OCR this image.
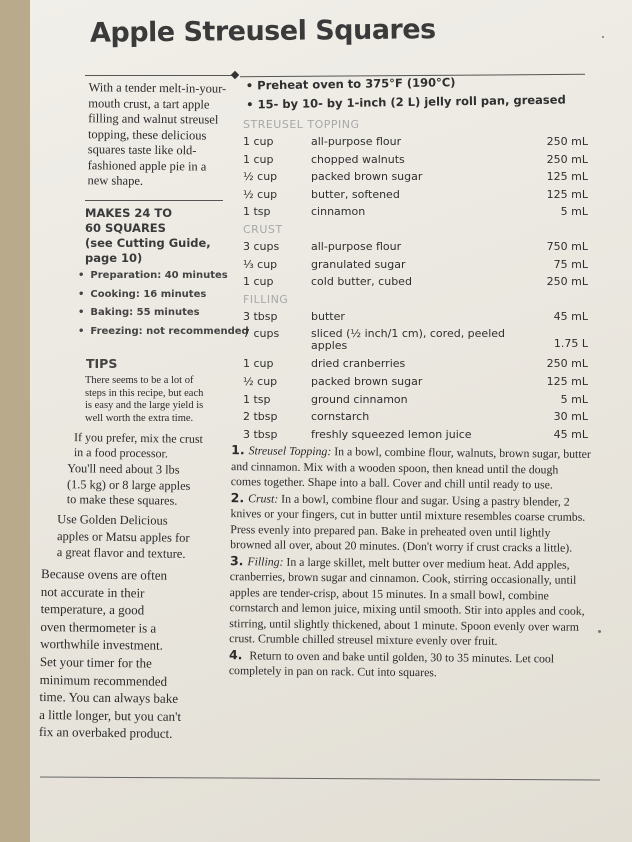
Apple Streusel Squares
With a tender melt-in-your-mouth crust, a tart apple filling and walnut streusel topping, these delicious squares taste like old-fashioned apple pie in a new shape.
MAKES 24 TO
60 SQUARES
(see Cutting Guide,
page 10)
• Preparation: 40 minutes
• Cooking: 16 minutes
• Baking: 55 minutes
• Freezing: not recommended
TIPS
There seems to be a lot of
steps in this recipe, but each
is easy and the large yield is
well worth the extra time.
If you prefer, mix the crust
in a food processor.
You'll need about 3 lbs
(1.5 kg) or 8 large apples
to make these squares.
Use Golden Delicious
apples or Matsu apples for
a great flavor and texture.
Because ovens are often
not accurate in their
temperature, a good
oven thermometer is a
worthwhile investment.
Set your timer for the
minimum recommended
time. You can always bake
a little longer, but you can't
fix an overbaked product.
• Preheat oven to 375°F (190°C)
• 15- by 10- by 1-inch (2 L) jelly roll pan, greased
STREUSEL TOPPING
1 cup	all-purpose flour	250 mL
1 cup	chopped walnuts	250 mL
½ cup	packed brown sugar	125 mL
½ cup	butter, softened	125 mL
1 tsp	cinnamon	5 mL
CRUST
3 cups	all-purpose flour	750 mL
⅓ cup	granulated sugar	75 mL
1 cup	cold butter, cubed	250 mL
FILLING
3 tbsp	butter	45 mL
7 cups	sliced (½ inch/1 cm), cored, peeled apples	1.75 L
1 cup	dried cranberries	250 mL
½ cup	packed brown sugar	125 mL
1 tsp	ground cinnamon	5 mL
2 tbsp	cornstarch	30 mL
3 tbsp	freshly squeezed lemon juice	45 mL
1. Streusel Topping: In a bowl, combine flour, walnuts, brown sugar, butter and cinnamon. Mix with a wooden spoon, then knead until the dough comes together. Shape into a ball. Cover and chill until ready to use.
2. Crust: In a bowl, combine flour and sugar. Using a pastry blender, 2 knives or your fingers, cut in butter until mixture resembles coarse crumbs. Press evenly into prepared pan. Bake in preheated oven until lightly browned all over, about 20 minutes. (Don't worry if crust cracks a little).
3. Filling: In a large skillet, melt butter over medium heat. Add apples, cranberries, brown sugar and cinnamon. Cook, stirring occasionally, until apples are tender-crisp, about 15 minutes. In a small bowl, combine cornstarch and lemon juice, mixing until smooth. Stir into apples and cook, stirring, until slightly thickened, about 1 minute. Spoon evenly over warm crust. Crumble chilled streusel mixture evenly over fruit.
4. Return to oven and bake until golden, 30 to 35 minutes. Let cool completely in pan on rack. Cut into squares.
